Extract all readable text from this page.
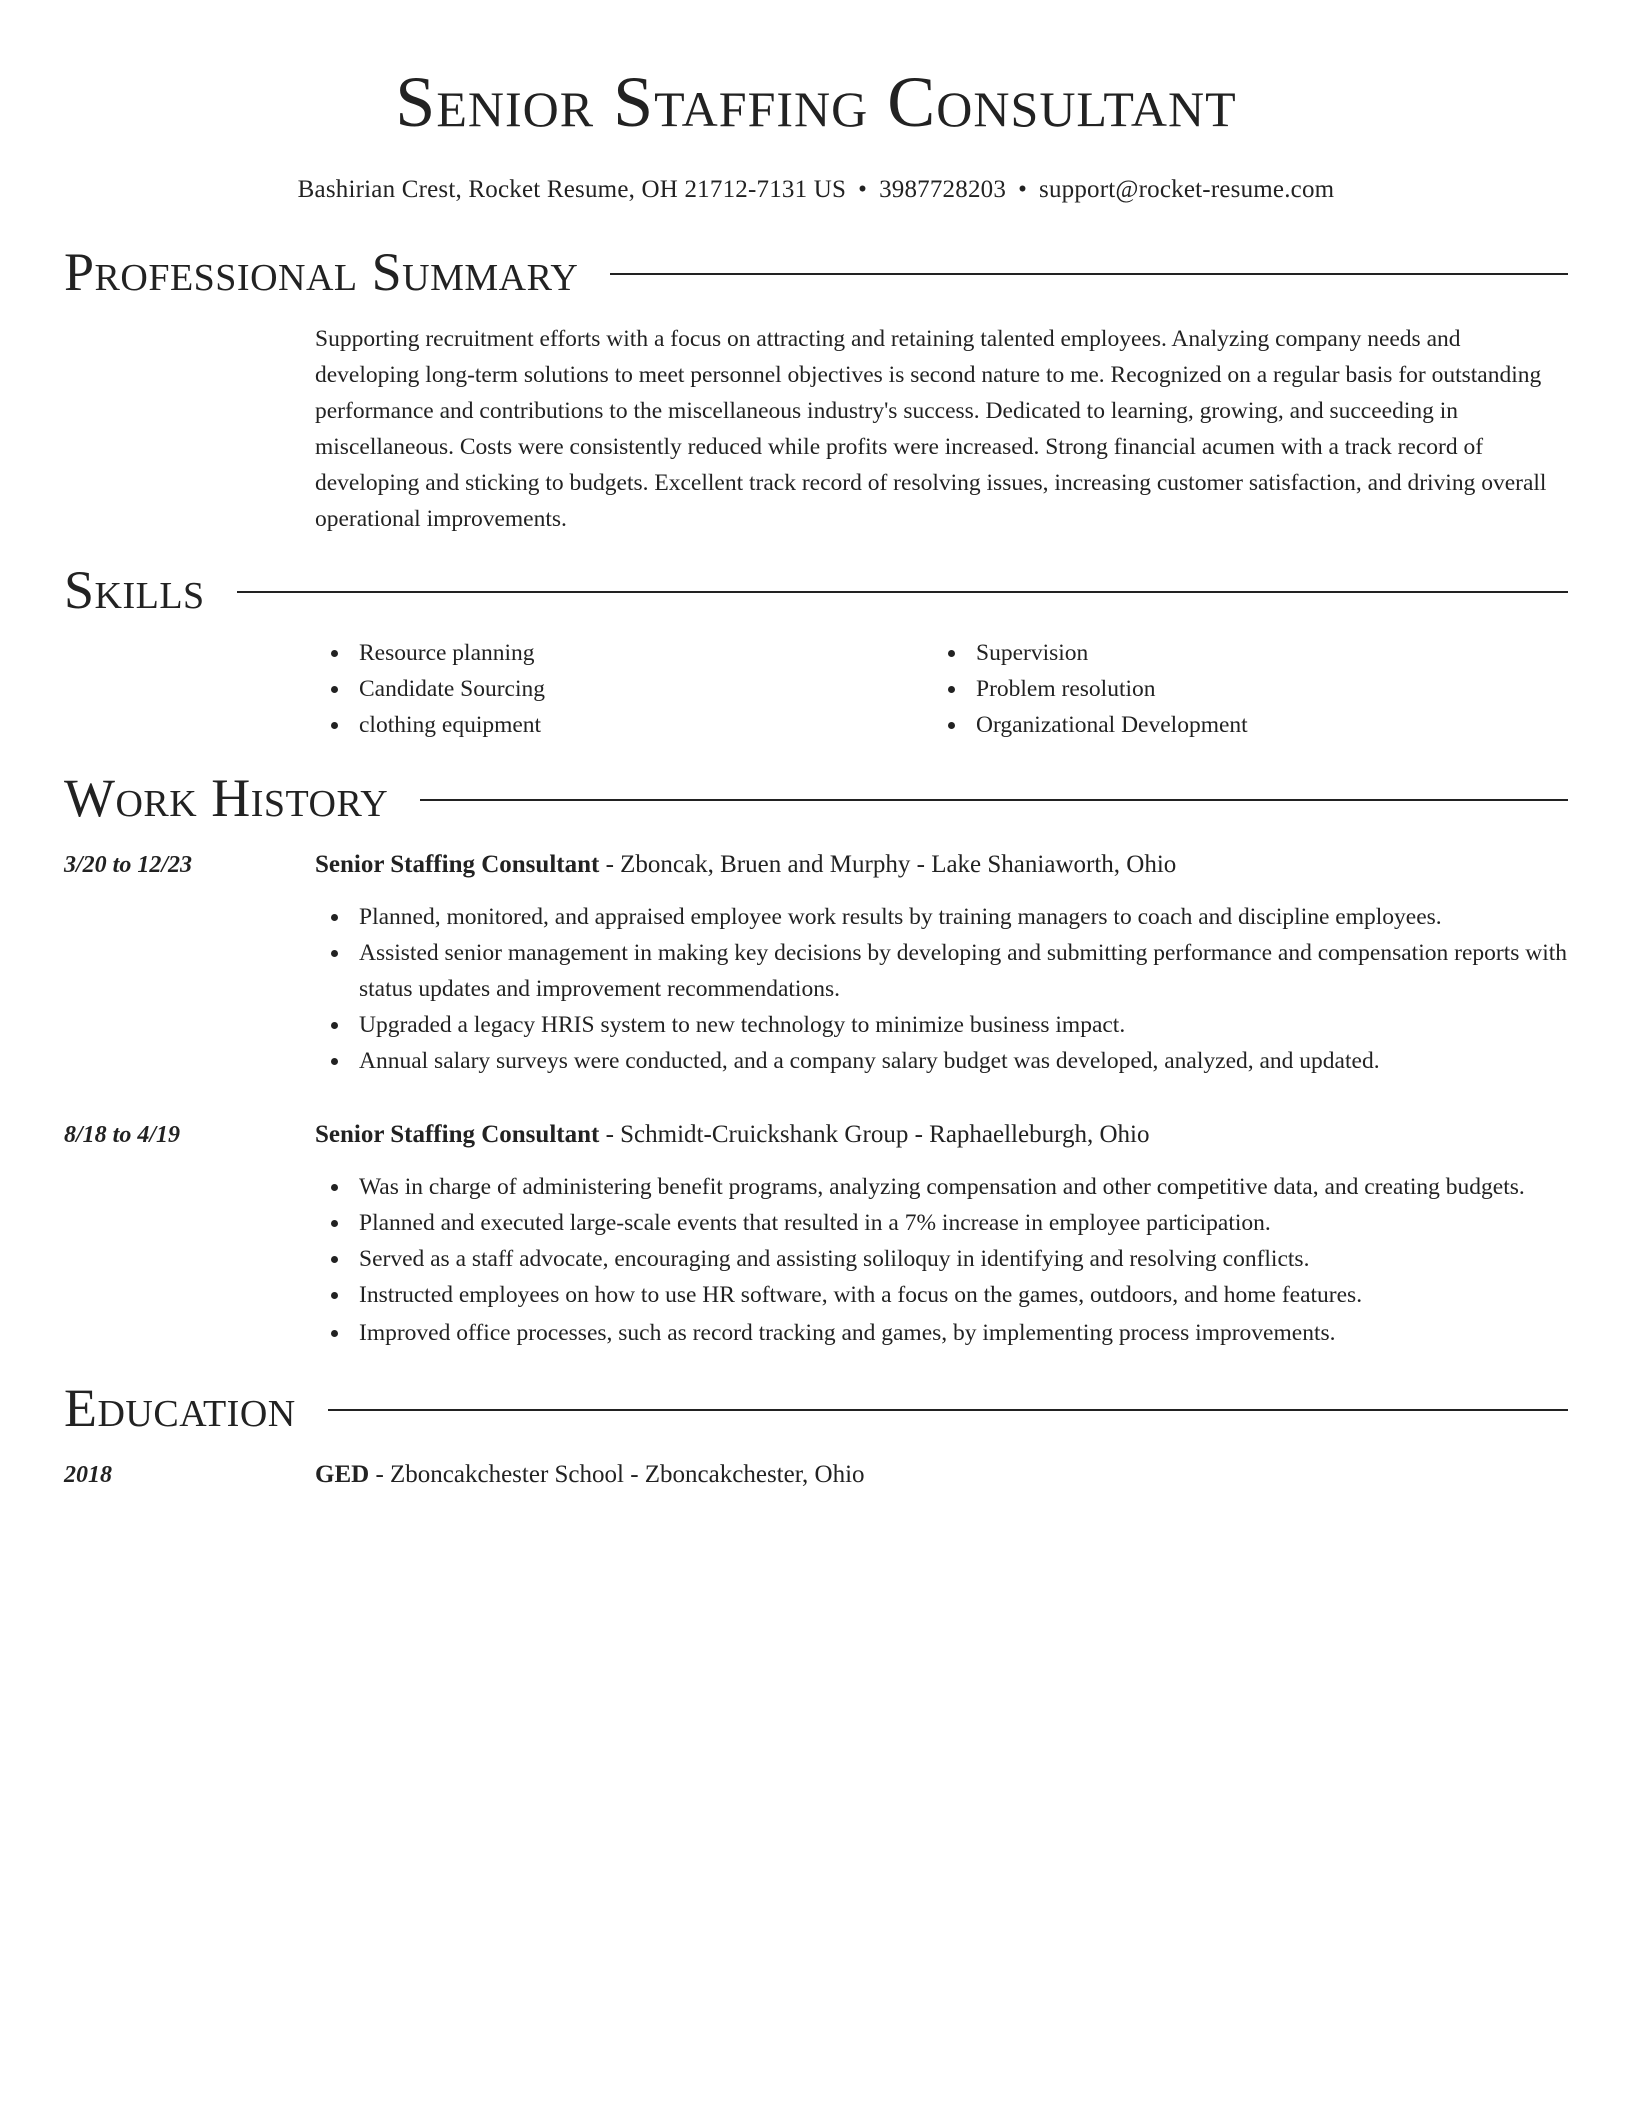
Senior Staffing Consultant
Bashirian Crest, Rocket Resume, OH 21712-7131 US • 3987728203 • support@rocket-resume.com
Professional Summary

Supporting recruitment efforts with a focus on attracting and retaining talented employees. Analyzing company needs and developing long-term solutions to meet personnel objectives is second nature to me. Recognized on a regular basis for outstanding performance and contributions to the miscellaneous industry's success. Dedicated to learning, growing, and succeeding in miscellaneous. Costs were consistently reduced while profits were increased. Strong financial acumen with a track record of developing and sticking to budgets. Excellent track record of resolving issues, increasing customer satisfaction, and driving overall operational improvements.

Skills
Resource planning
Candidate Sourcing
clothing equipment
Supervision
Problem resolution
Organizational Development
Work History
3/20 to 12/23	Senior Staffing Consultant - Zboncak, Bruen and Murphy - Lake Shaniaworth, Ohio
Planned, monitored, and appraised employee work results by training managers to coach and discipline employees.
Assisted senior management in making key decisions by developing and submitting performance and compensation reports with status updates and improvement recommendations.
Upgraded a legacy HRIS system to new technology to minimize business impact.
Annual salary surveys were conducted, and a company salary budget was developed, analyzed, and updated.
8/18 to 4/19	Senior Staffing Consultant - Schmidt-Cruickshank Group - Raphaelleburgh, Ohio
Was in charge of administering benefit programs, analyzing compensation and other competitive data, and creating budgets.
Planned and executed large-scale events that resulted in a 7% increase in employee participation.
Served as a staff advocate, encouraging and assisting soliloquy in identifying and resolving conflicts.
Instructed employees on how to use HR software, with a focus on the games, outdoors, and home features.
Improved office processes, such as record tracking and games, by implementing process improvements.
Education
2018	GED - Zboncakchester School - Zboncakchester, Ohio
